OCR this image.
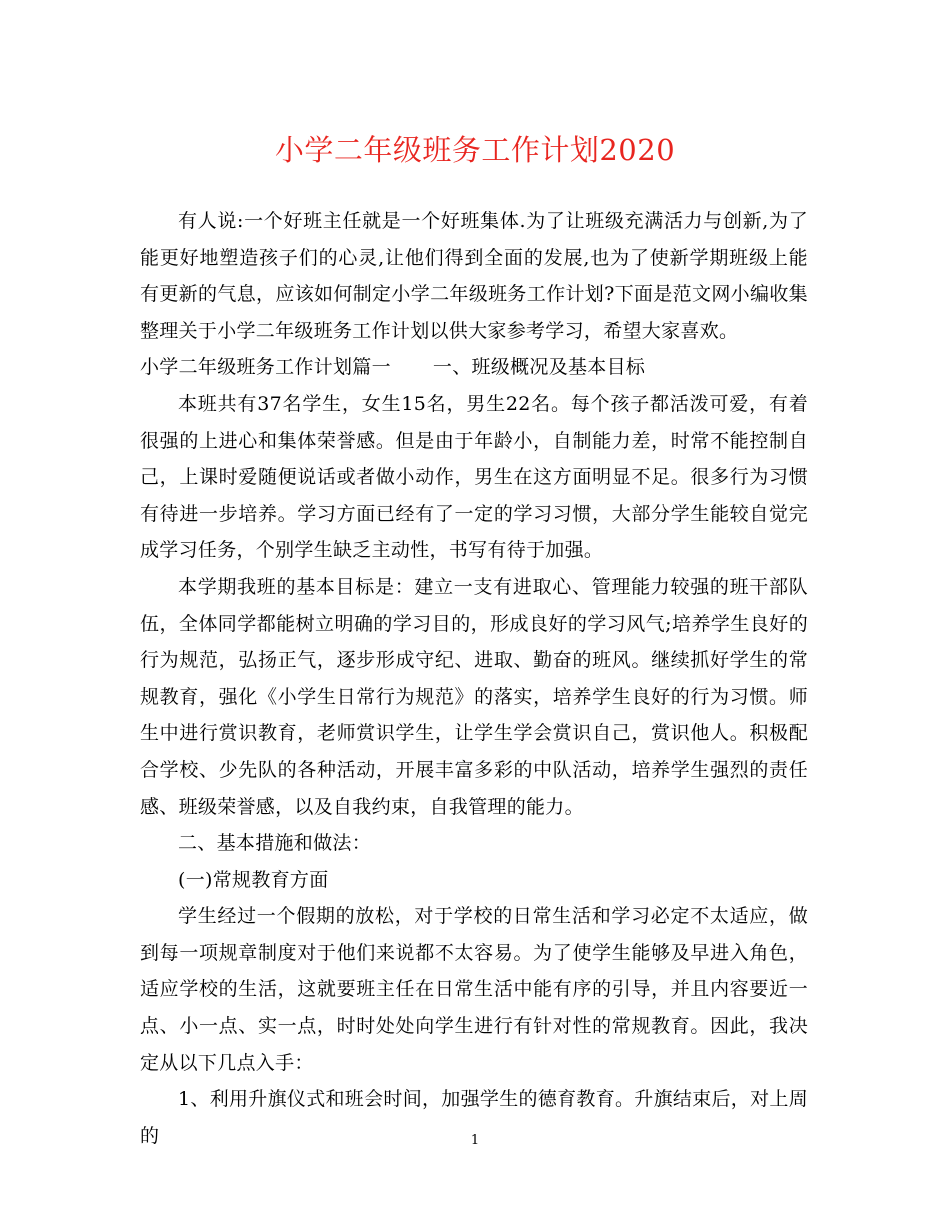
小学二年级班务工作计划2020

有人说:一个好班主任就是一个好班集体.为了让班级充满活力与创新,为了能更好地塑造孩子们的心灵,让他们得到全面的发展,也为了使新学期班级上能有更新的气息，应该如何制定小学二年级班务工作计划?下面是范文网小编收集整理关于小学二年级班务工作计划以供大家参考学习，希望大家喜欢。

小学二年级班务工作计划篇一 一、班级概况及基本目标

本班共有37名学生，女生15名，男生22名。每个孩子都活泼可爱，有着很强的上进心和集体荣誉感。但是由于年龄小，自制能力差，时常不能控制自己，上课时爱随便说话或者做小动作，男生在这方面明显不足。很多行为习惯有待进一步培养。学习方面已经有了一定的学习习惯，大部分学生能较自觉完成学习任务，个别学生缺乏主动性，书写有待于加强。

本学期我班的基本目标是：建立一支有进取心、管理能力较强的班干部队伍，全体同学都能树立明确的学习目的，形成良好的学习风气;培养学生良好的行为规范，弘扬正气，逐步形成守纪、进取、勤奋的班风。继续抓好学生的常规教育，强化《小学生日常行为规范》的落实，培养学生良好的行为习惯。师生中进行赏识教育，老师赏识学生，让学生学会赏识自己，赏识他人。积极配合学校、少先队的各种活动，开展丰富多彩的中队活动，培养学生强烈的责任感、班级荣誉感，以及自我约束，自我管理的能力。

二、基本措施和做法：

(一)常规教育方面

学生经过一个假期的放松，对于学校的日常生活和学习必定不太适应，做到每一项规章制度对于他们来说都不太容易。为了使学生能够及早进入角色，适应学校的生活，这就要班主任在日常生活中能有序的引导，并且内容要近一点、小一点、实一点，时时处处向学生进行有针对性的常规教育。因此，我决定从以下几点入手：

1、利用升旗仪式和班会时间，加强学生的德育教育。升旗结束后，对上周的	1
